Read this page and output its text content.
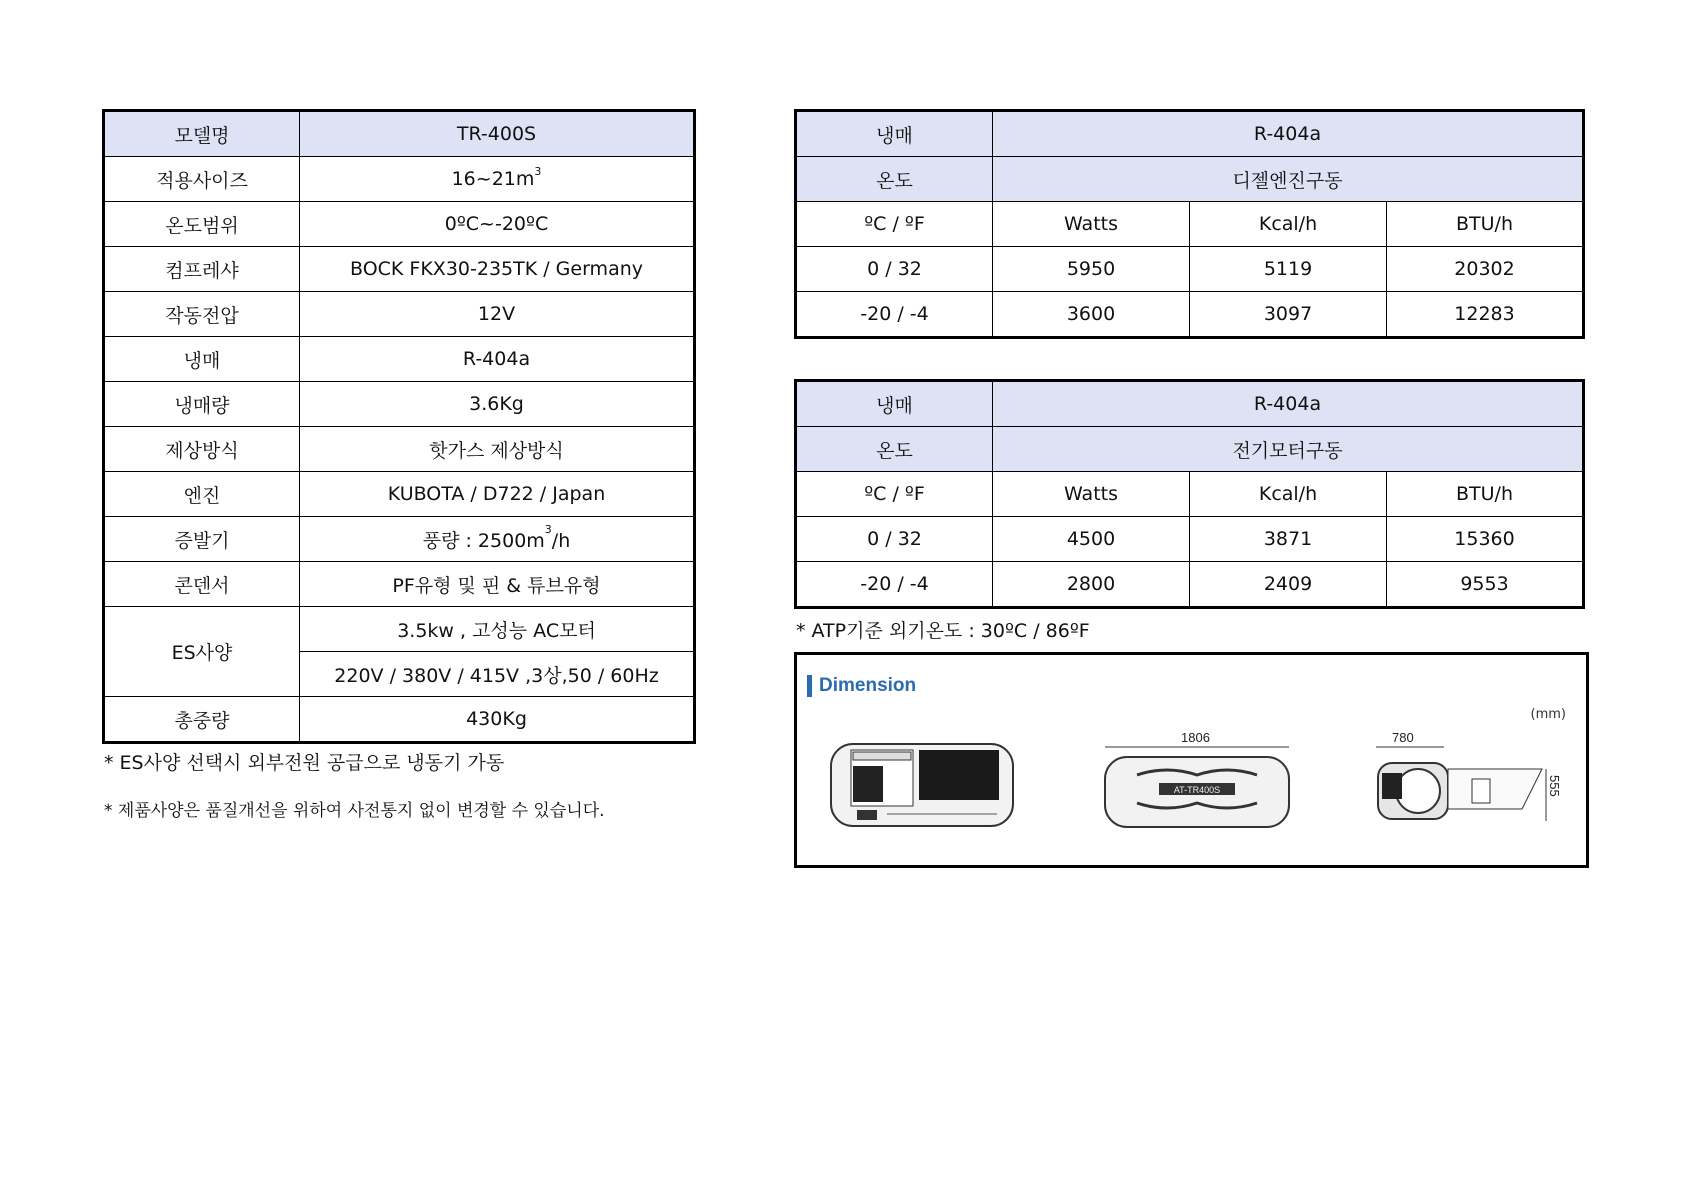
모델명	TR-400S
적용사이즈	$16\sim 21m^3$
온도범위	0ºC~-20ºC
컴프레샤	BOCK FKX30-235TK / Germany
작동전압	12V
냉매	R-404a
냉매량	3.6Kg
제상방식	핫가스 제상방식
엔진	KUBOTA / D722 / Japan
증발기	풍량 : $2500m^3/h$
콘덴서	PF유형 및 핀 & 튜브유형
ES사양	3.5kw , 고성능 AC모터
	220V / 380V / 415V ,3상,50 / 60Hz
총중량	430Kg
* ES사양 선택시 외부전원 공급으로 냉동기 가동
* 제품사양은 품질개선을 위하여 사전통지 없이 변경할 수 있습니다.
냉매	R-404a		
온도	디젤엔진구동		
ºC / ºF	Watts	Kcal/h	BTU/h
0 / 32	5950	5119	20302
-20 / -4	3600	3097	12283
냉매	R-404a		
온도	전기모터구동		
ºC / ºF	Watts	Kcal/h	BTU/h
0 / 32	4500	3871	15360
-20 / -4	2800	2409	9553
* ATP기준 외기온도 : 30ºC / 86ºF
Dimension
(mm)
1806
AT-TR400S
780
555
